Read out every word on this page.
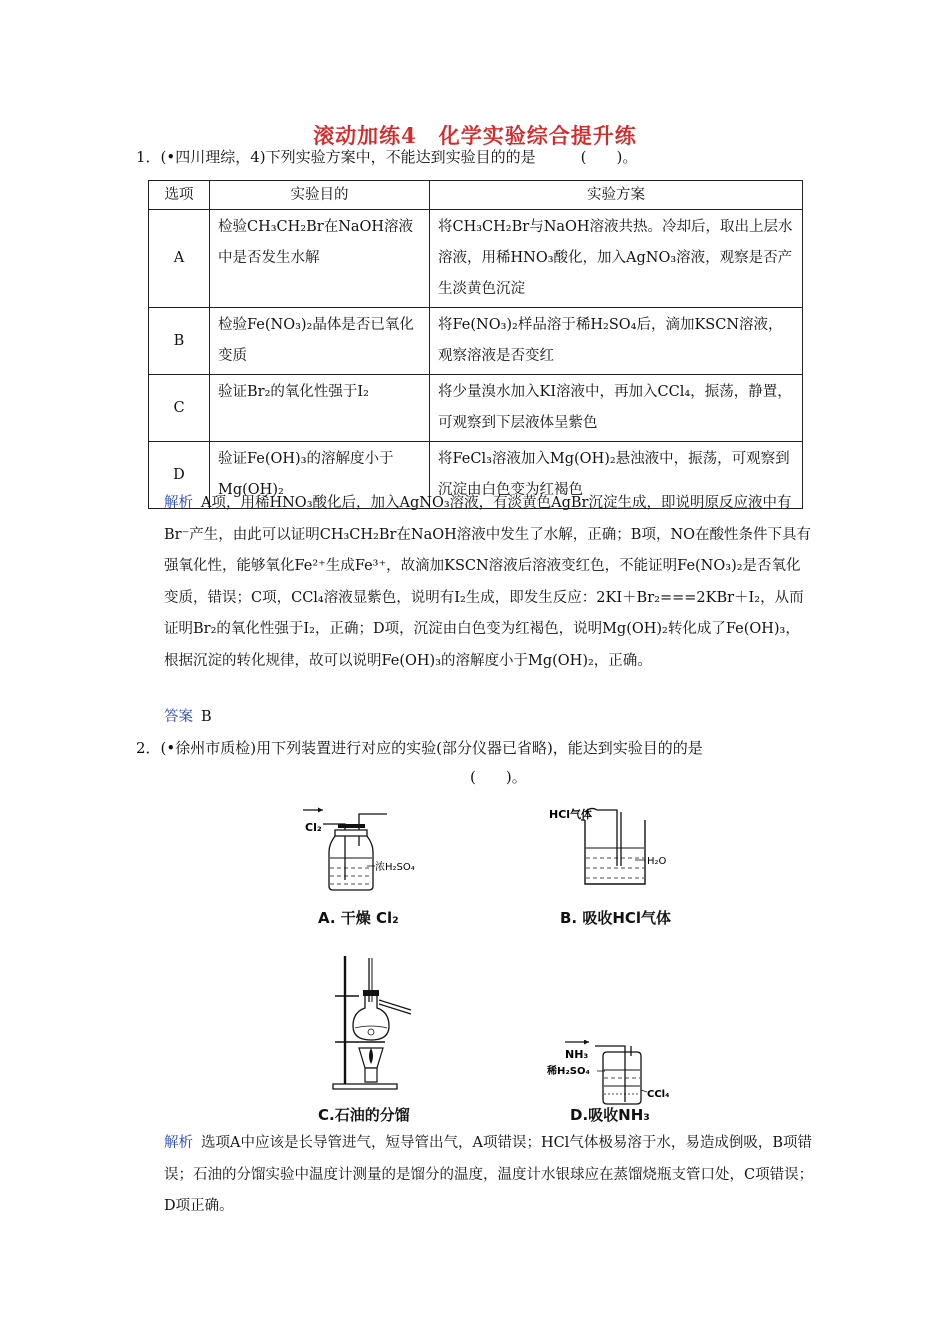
滚动加练4　化学实验综合提升练
1．(•四川理综，4)下列实验方案中，不能达到实验目的的是　　　(　　)。
选项	实验目的	实验方案
A	检验CH₃CH₂Br在NaOH溶液中是否发生水解	将CH₃CH₂Br与NaOH溶液共热。冷却后，取出上层水溶液，用稀HNO₃酸化，加入AgNO₃溶液，观察是否产生淡黄色沉淀
B	检验Fe(NO₃)₂晶体是否已氧化变质	将Fe(NO₃)₂样品溶于稀H₂SO₄后，滴加KSCN溶液，观察溶液是否变红
C	验证Br₂的氧化性强于I₂	将少量溴水加入KI溶液中，再加入CCl₄，振荡，静置，可观察到下层液体呈紫色
D	验证Fe(OH)₃的溶解度小于Mg(OH)₂	将FeCl₃溶液加入Mg(OH)₂悬浊液中，振荡，可观察到沉淀由白色变为红褐色
解析 A项，用稀HNO₃酸化后，加入AgNO₃溶液，有淡黄色AgBr沉淀生成，即说明原反应液中有Br⁻产生，由此可以证明CH₃CH₂Br在NaOH溶液中发生了水解，正确；B项，NO在酸性条件下具有强氧化性，能够氧化Fe²⁺生成Fe³⁺，故滴加KSCN溶液后溶液变红色，不能证明Fe(NO₃)₂是否氧化变质，错误；C项，CCl₄溶液显紫色，说明有I₂生成，即发生反应：2KI＋Br₂===2KBr＋I₂，从而证明Br₂的氧化性强于I₂，正确；D项，沉淀由白色变为红褐色，说明Mg(OH)₂转化成了Fe(OH)₃，根据沉淀的转化规律，故可以说明Fe(OH)₃的溶解度小于Mg(OH)₂，正确。
答案 B
2．(•徐州市质检)用下列装置进行对应的实验(部分仪器已省略)，能达到实验目的的是
(　　)。
Cl₂
浓H₂SO₄
A. 干燥 Cl₂
HCl气体
H₂O
B. 吸收HCl气体
C.石油的分馏
NH₃
稀H₂SO₄
CCl₄
D.吸收NH₃
解析 选项A中应该是长导管进气，短导管出气，A项错误；HCl气体极易溶于水，易造成倒吸，B项错误；石油的分馏实验中温度计测量的是馏分的温度，温度计水银球应在蒸馏烧瓶支管口处，C项错误；D项正确。
